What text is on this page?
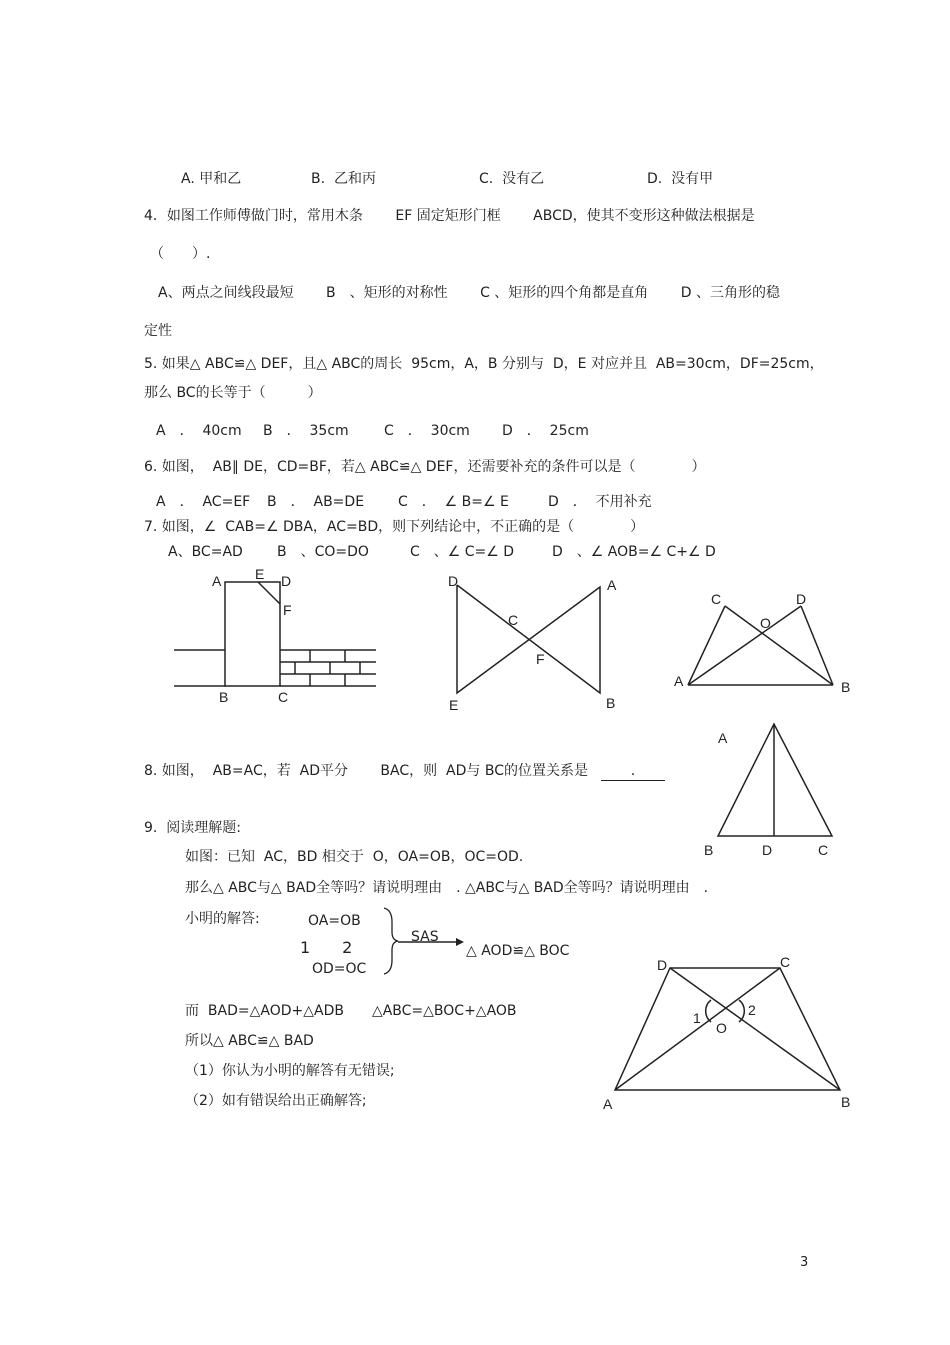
A. 甲和乙	B.  乙和丙	C.  没有乙	D.  没有甲
4．如图工作师傅做门时，常用木条 　　EF 固定矩形门框 　　ABCD，使其不变形这种做法根据是
（　　）.
A、两点之间线段最短 　　B　、矩形的对称性 　　C 、矩形的四个角都是直角 　　D 、三角形的稳
定性
5. 如果△ ABC≌△ DEF，且△ ABC的周长  95cm，A，B 分别与  D，E 对应并且  AB=30cm，DF=25cm，
那么 BC的长等于（　　　）
A　．  40cm B　．  35cm	C　．  30cm D　．  25cm
6. 如图，  AB∥ DE，CD=BF，若△ ABC≌△ DEF，还需要补充的条件可以是（　　　　）
A　．  AC=EF B　．  AB=DE C　．  ∠ B=∠ E	D　．  不用补充
7. 如图，∠  CAB=∠ DBA，AC=BD，则下列结论中，不正确的是（　　　　）
A、BC=AD B　、CO=DO	C　、∠ C=∠ D	D　、∠ AOB=∠ C+∠ D
A E D
F
B	C
D	A
C
F
E	B
C	D
O
A	B
A
B	D	C
8. 如图，  AB=AC，若  AD平分 　　BAC，则  AD与 BC的位置关系是	.
9.  阅读理解题:
如图：已知  AC，BD 相交于  O，OA=OB，OC=OD.
那么△ ABC与△ BAD全等吗？请说明理由　. △ABC与△ BAD全等吗？请说明理由　.
小明的解答:	OA=OB
1　　2
OD=OC
SAS
△ AOD≌△ BOC
而  BAD=△AOD+△ADB　　△ABC=△BOC+△AOB
所以△ ABC≌△ BAD
（1）你认为小明的解答有无错误;
（2）如有错误给出正确解答;
D	C
1	2
O
A	B
3
